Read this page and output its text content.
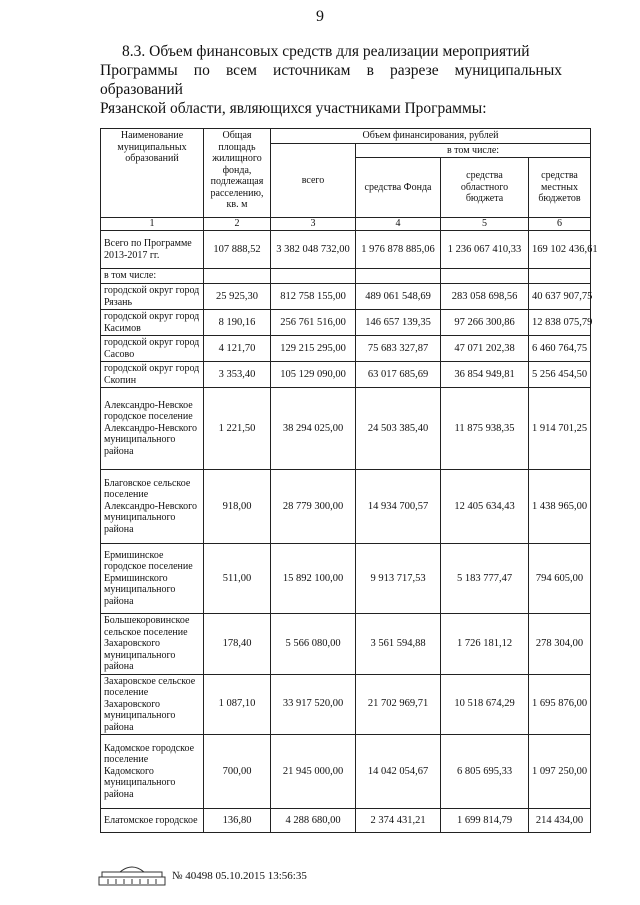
9

8.3. Объем финансовых средств для реализации мероприятий

Программы по всем источникам в разрезе муниципальных образований

Рязанской области, являющихся участниками Программы:

Наименование муниципальных образований	Общая площадь жилищного фонда, подлежащая расселению, кв. м	Объем финансирования, рублей			
		всего	в том числе:		
			средства Фонда	средства областного бюджета	средства местных бюджетов
1	2	3	4	5	6
Всего по Программе 2013-2017 гг.	107 888,52	3 382 048 732,00	1 976 878 885,06	1 236 067 410,33	169 102 436,61
в том числе:					
городской округ город Рязань	25 925,30	812 758 155,00	489 061 548,69	283 058 698,56	40 637 907,75
городской округ город Касимов	8 190,16	256 761 516,00	146 657 139,35	97 266 300,86	12 838 075,79
городской округ город Сасово	4 121,70	129 215 295,00	75 683 327,87	47 071 202,38	6 460 764,75
городской округ город Скопин	3 353,40	105 129 090,00	63 017 685,69	36 854 949,81	5 256 454,50
Александро-Невское городское поселение Александро-Невского муниципального района	1 221,50	38 294 025,00	24 503 385,40	11 875 938,35	1 914 701,25
Благовское сельское поселение Александро-Невского муниципального района	918,00	28 779 300,00	14 934 700,57	12 405 634,43	1 438 965,00
Ермишинское городское поселение Ермишинского муниципального района	511,00	15 892 100,00	9 913 717,53	5 183 777,47	794 605,00
Большекоровинское сельское поселение Захаровского муниципального района	178,40	5 566 080,00	3 561 594,88	1 726 181,12	278 304,00
Захаровское сельское поселение Захаровского муниципального района	1 087,10	33 917 520,00	21 702 969,71	10 518 674,29	1 695 876,00
Кадомское городское поселение Кадомского муниципального района	700,00	21 945 000,00	14 042 054,67	6 805 695,33	1 097 250,00
Елатомское городское	136,80	4 288 680,00	2 374 431,21	1 699 814,79	214 434,00
№ 40498 05.10.2015 13:56:35
